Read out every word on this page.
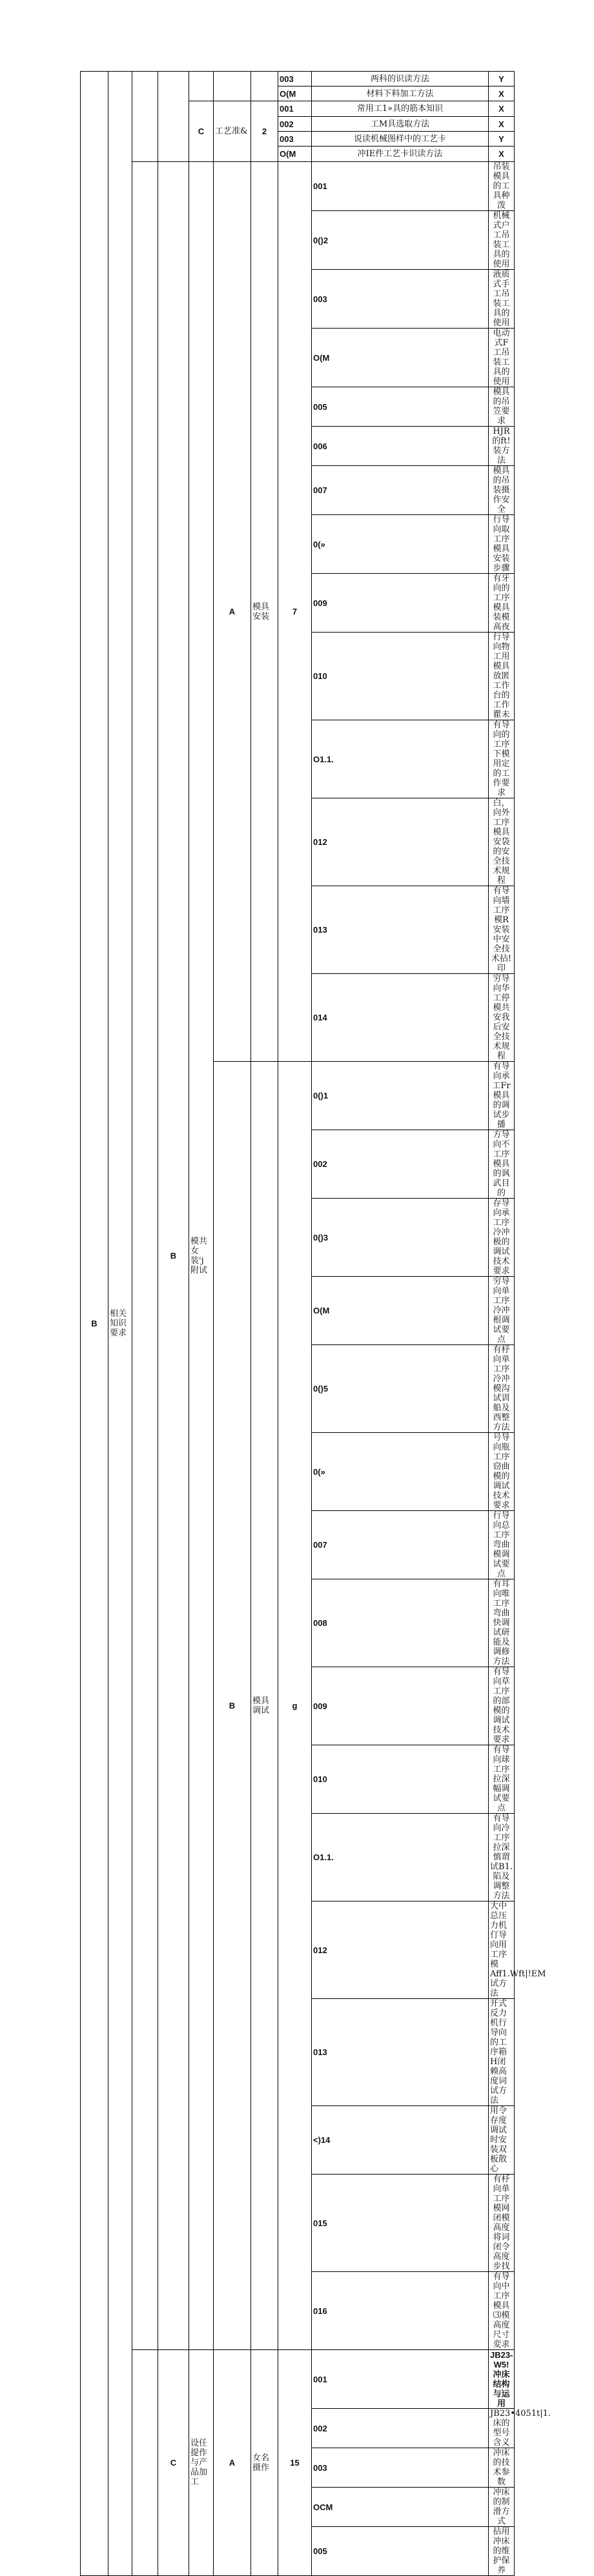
B	相关知识要求						003	两科的识读方法	Y	
							O(M	材料下料加工方法	X	
				C	工艺准&	2	001	常用工1»具的筋本知识	X	
							002	工M具选取方法	X	
							003	说读机械图样中的工艺卡	Y	
							O(M	冲IE件工艺卡识读方法	X	
			B	模共女装'j附试	A	模具安装	7	001	吊装模具的工具种泼	
								0()2	机械式户工吊装工具的使用	
								003	液质式手工吊装工具的使用	
								O(M	电动式F工吊装工具的使用	
								005	模具的吊笠要求	
								006	HJR的ft!装方法	
								007	模具的吊装摄作安全	
								0(»	行导向取工序模具安装步骤	
								009	有牙向的工序模具装模高夜	
								010	行导向物工用模具放匿工作台的工作瞿未	
								O1.1.	有导向的工序下模用定的工作要求	
								012	白，向外工序模具安袋的安全技术规程	
								013	有导向墙工序模R安装中安全技术拈!印	
								014	穷导向华工停模共安我后安全技术规程	
					B	模具调试	g	0()1	有导向承工Fr模具的调试步播	
								002	方导向不工序模具的讽武目的	
								0()3	存导向承工序冷冲极的调试技术要求	
								O(M	穷导向单工序冷冲根调试要点	
								0()5	有杼向单工序冷冲模沟试训船及西整方法	
								0(»	号导向瓶工序窃曲模的调试技术要求	
								007	行导向总工序弯曲模调试要点	
								008	有耳向唯工序弯曲快调试研能及调修方法	
								009	有导向草工序的部模的调试技术要求	
								010	有导向球工序拉深幅调试要点	
								O1.1.	有导向冷工序拉深慎谓试B1.陷及调整方法	
								012	大中总压力机仃导向用工序模Aff1.Wft|!EM试方法	
								013	开式反力机行导向的工序箱H闭赖高度词试方法	
								<)14	用令存度调试时安装双板散心	
								015	有杼向单工序模网闭模高度将词闭令高度步找	
								016	有导向中工序模具⑶模高度尺寸変求	
			C	设任提作与产品加工	A	女名摄作	15	001	JB23-W5!冲床结构与运用	
								002	JB23•4051t|1.床的型号含义	
								003	冲床的技术参数	
								OCM	冲床的制滑方式	
								005	拈用冲床的维护保养	
